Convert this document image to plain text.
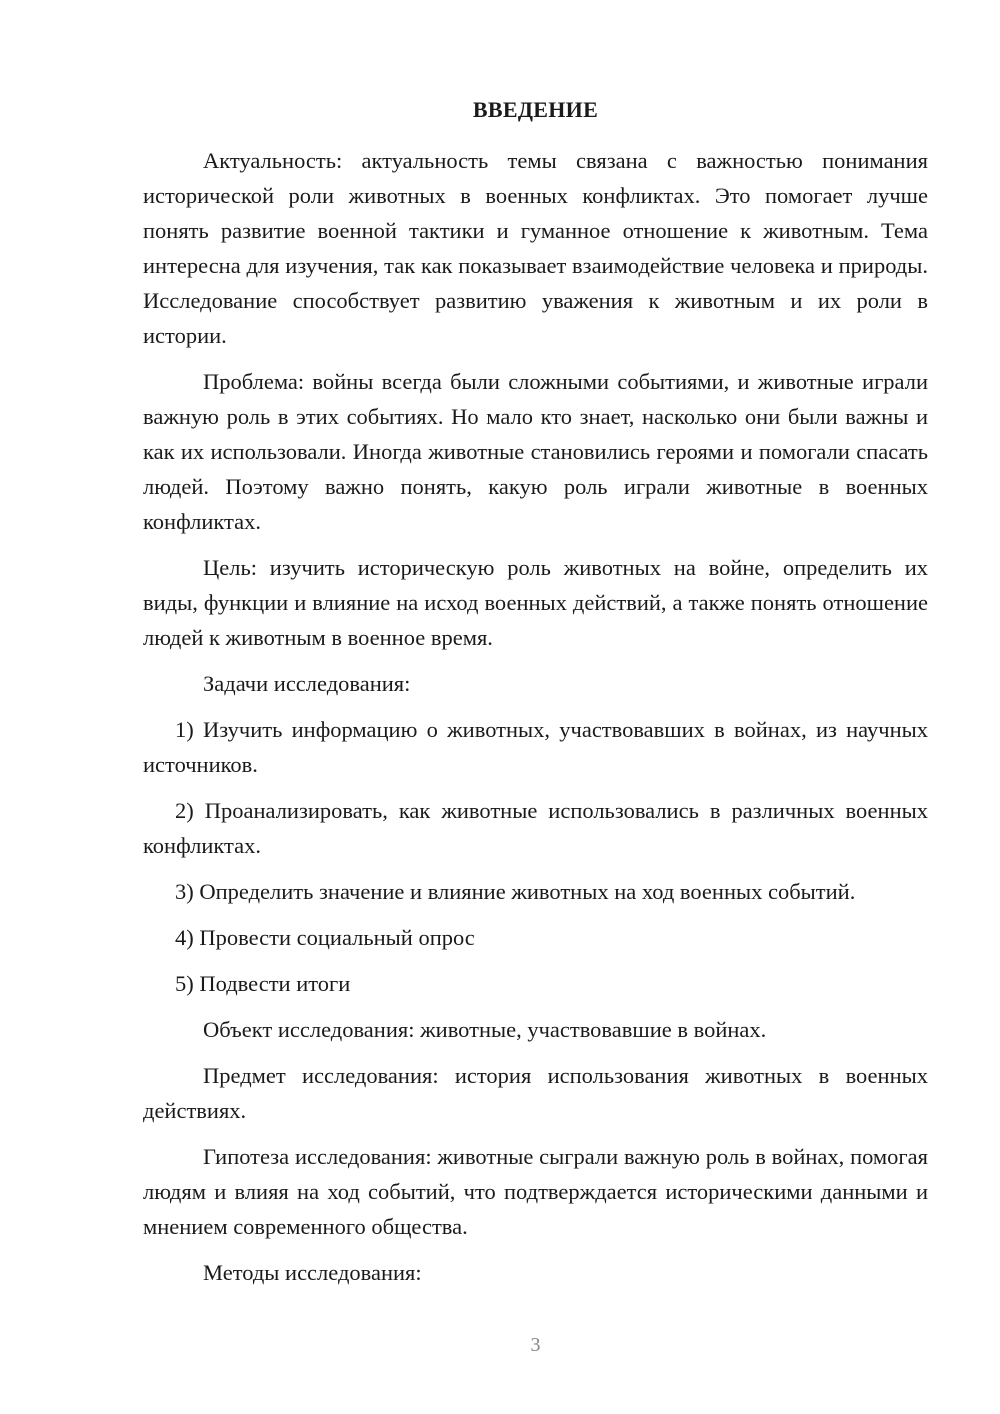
ВВЕДЕНИЕ

Актуальность: актуальность темы связана с важностью понимания исторической роли животных в военных конфликтах. Это помогает лучше понять развитие военной тактики и гуманное отношение к животным. Тема интересна для изучения, так как показывает взаимодействие человека и природы. Исследование способствует развитию уважения к животным и их роли в истории.

Проблема: войны всегда были сложными событиями, и животные играли важную роль в этих событиях. Но мало кто знает, насколько они были важны и как их использовали. Иногда животные становились героями и помогали спасать людей. Поэтому важно понять, какую роль играли животные в военных конфликтах.

Цель: изучить историческую роль животных на войне, определить их виды, функции и влияние на исход военных действий, а также понять отношение людей к животным в военное время.

Задачи исследования:

1) Изучить информацию о животных, участвовавших в войнах, из научных источников.

2) Проанализировать, как животные использовались в различных военных конфликтах.

3) Определить значение и влияние животных на ход военных событий.

4) Провести социальный опрос

5) Подвести итоги

Объект исследования: животные, участвовавшие в войнах.

Предмет исследования: история использования животных в военных действиях.

Гипотеза исследования: животные сыграли важную роль в войнах, помогая людям и влияя на ход событий, что подтверждается историческими данными и мнением современного общества.

Методы исследования:

3
